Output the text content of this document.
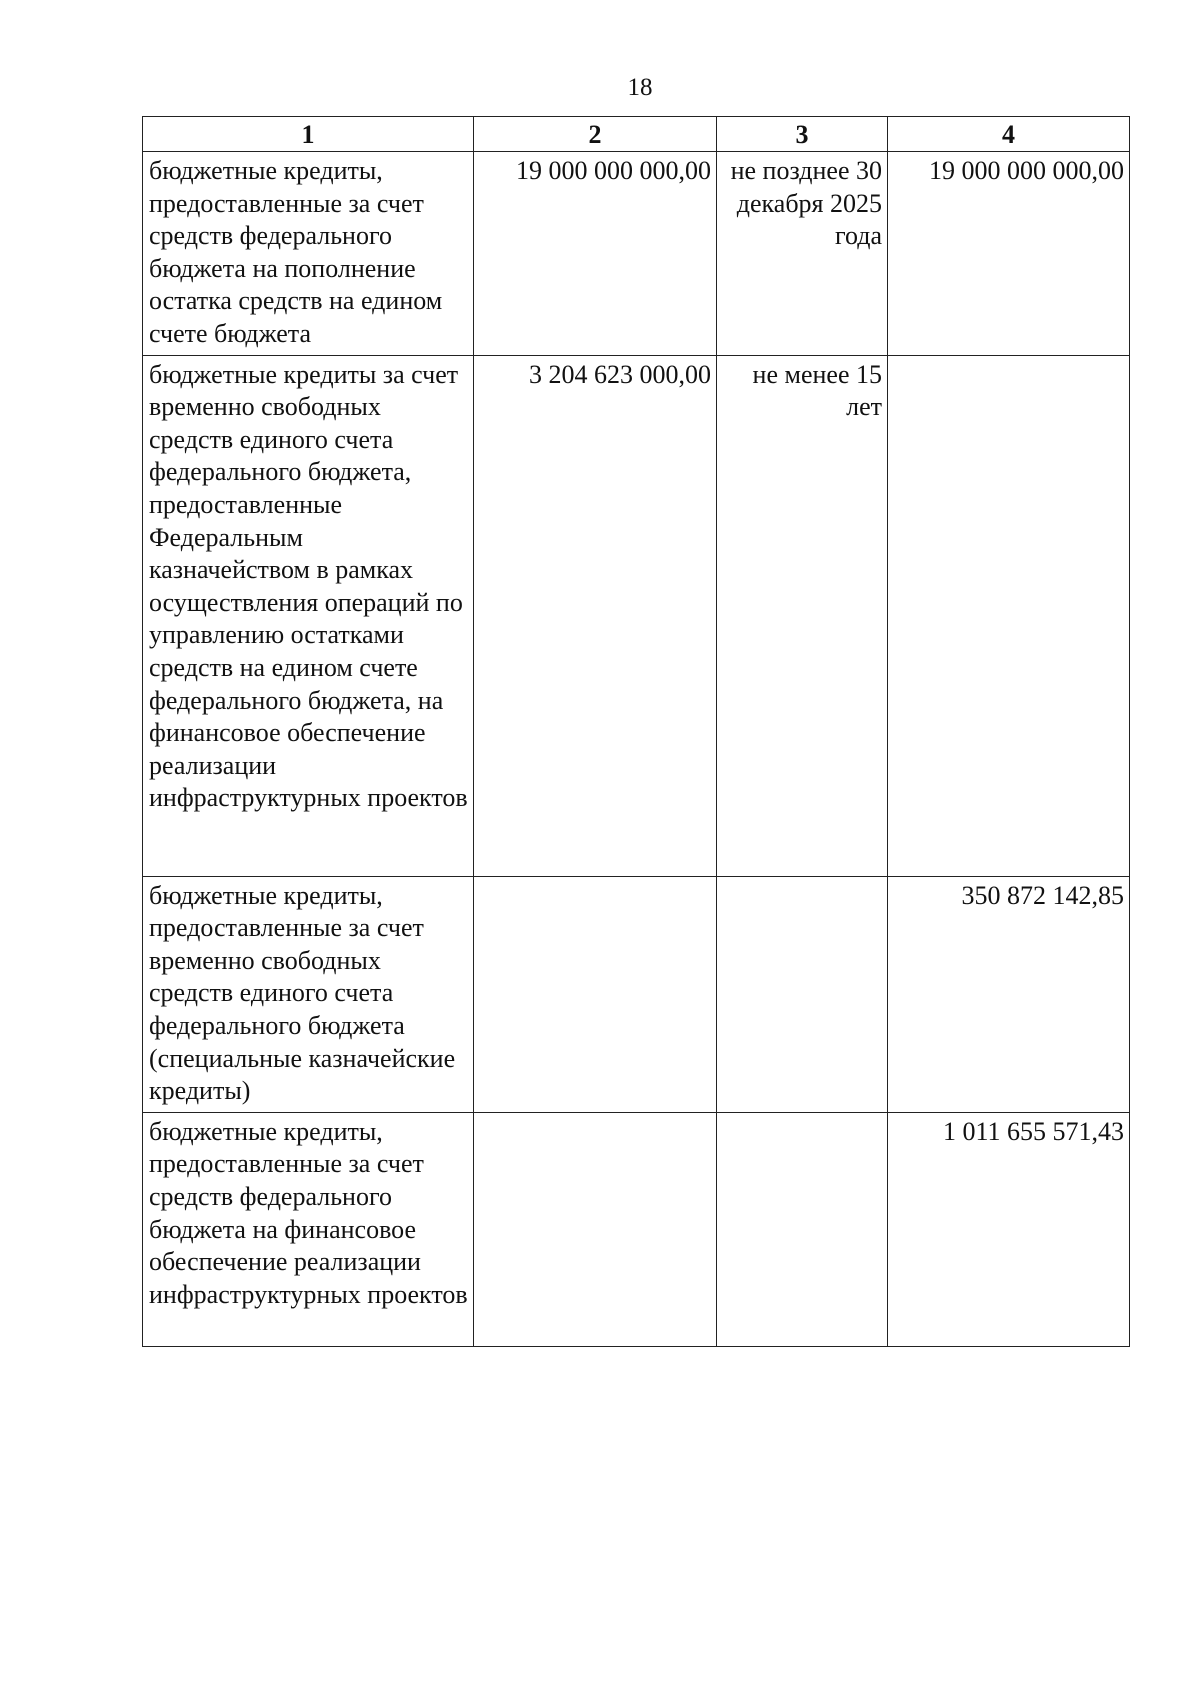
18
1	2	3	4
бюджетные кредиты, предоставленные за счет средств федерального бюджета на пополнение остатка средств на едином счете бюджета	19 000 000 000,00	не позднее 30 декабря 2025 года	19 000 000 000,00
бюджетные кредиты за счет временно свободных средств единого счета федерального бюджета, предоставленные Федеральным казначейством в рамках осуществления операций по управлению остатками средств на едином счете федерального бюджета, на финансовое обеспечение реализации инфраструктурных проектов	3 204 623 000,00	не менее 15 лет	
бюджетные кредиты, предоставленные за счет временно свободных средств единого счета федерального бюджета (специальные казначейские кредиты)			350 872 142,85
бюджетные кредиты, предоставленные за счет средств федерального бюджета на финансовое обеспечение реализации инфраструктурных проектов			1 011 655 571,43
